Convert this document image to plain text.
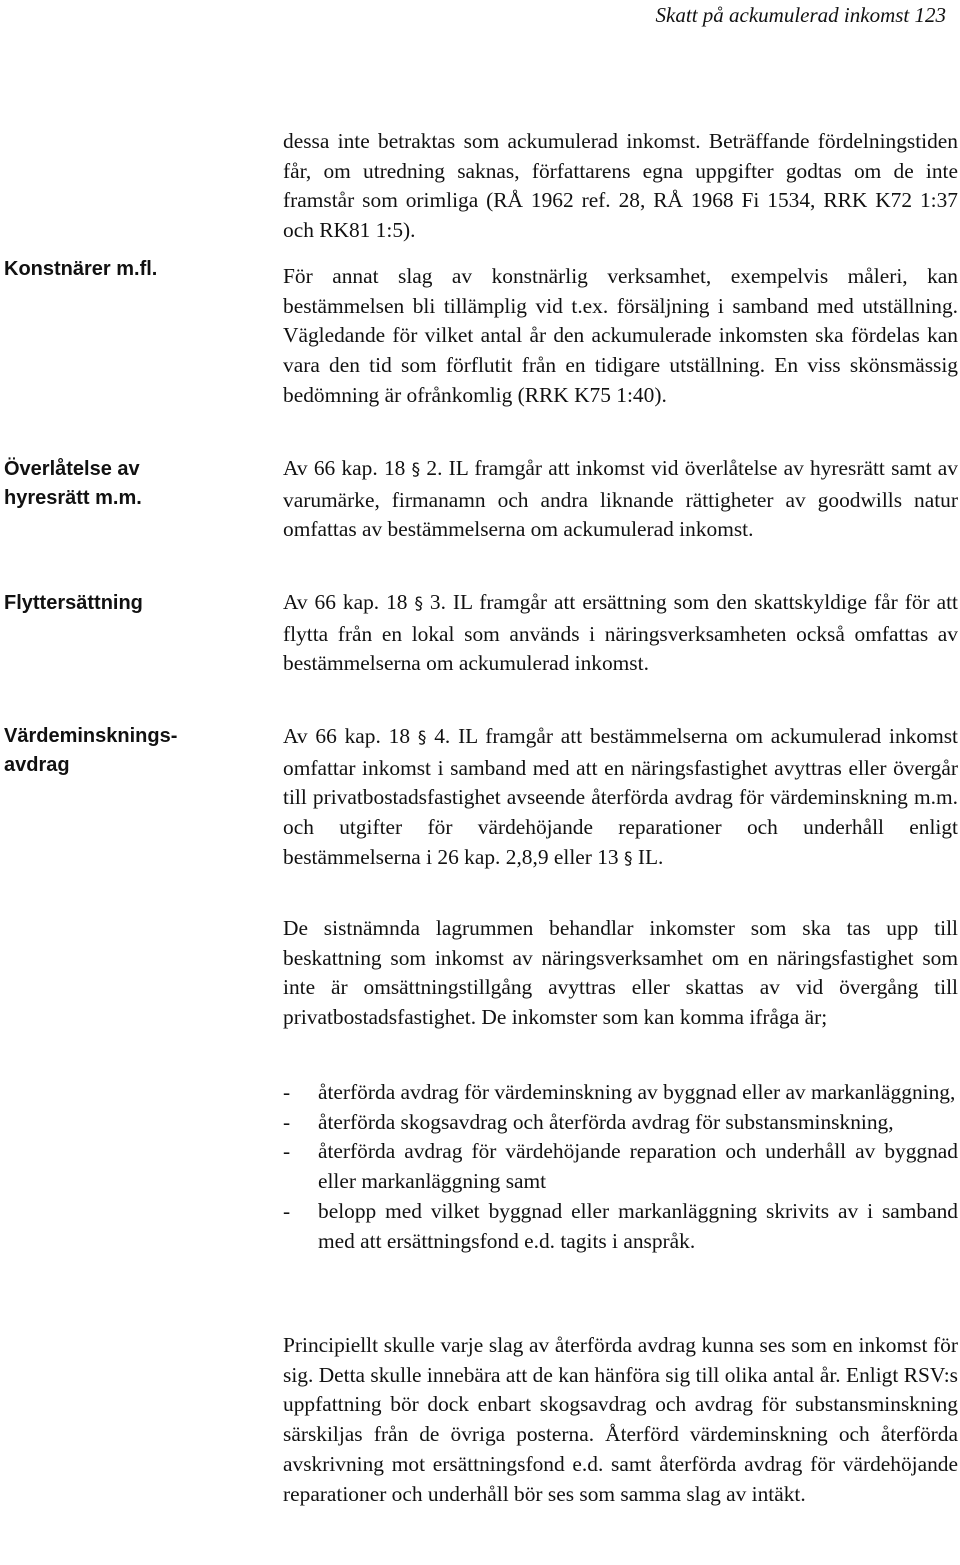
Skatt på ackumulerad inkomst 123
Konstnärer m.fl.
Överlåtelse av
hyresrätt m.m.
Flyttersättning
Värdeminsknings-
avdrag

dessa inte betraktas som ackumulerad inkomst. Beträffande fördelningstiden får, om utredning saknas, författarens egna uppgifter godtas om de inte framstår som orimliga (RÅ 1962 ref. 28, RÅ 1968 Fi 1534, RRK K72 1:37 och RK81 1:5).

För annat slag av konstnärlig verksamhet, exempelvis måleri, kan bestämmelsen bli tillämplig vid t.ex. försäljning i samband med utställning. Vägledande för vilket antal år den ackumulerade inkomsten ska fördelas kan vara den tid som förflutit från en tidigare utställning. En viss skönsmässig bedömning är ofrånkomlig (RRK K75 1:40).

Av 66 kap. 18 § 2. IL framgår att inkomst vid överlåtelse av hyresrätt samt av varumärke, firmanamn och andra liknande rättigheter av goodwills natur omfattas av bestämmelserna om ackumulerad inkomst.

Av 66 kap. 18 § 3. IL framgår att ersättning som den skattskyldige får för att flytta från en lokal som används i näringsverksamheten också omfattas av bestämmelserna om ackumulerad inkomst.

Av 66 kap. 18 § 4. IL framgår att bestämmelserna om ackumulerad inkomst omfattar inkomst i samband med att en näringsfastighet avyttras eller övergår till privatbostadsfastighet avseende återförda avdrag för värdeminskning m.m. och utgifter för värdehöjande reparationer och underhåll enligt bestämmelserna i 26 kap. 2,8,9 eller 13 § IL.

De sistnämnda lagrummen behandlar inkomster som ska tas upp till beskattning som inkomst av näringsverksamhet om en näringsfastighet som inte är omsättningstillgång avyttras eller skattas av vid övergång till privatbostadsfastighet. De inkomster som kan komma ifråga är;

- återförda avdrag för värdeminskning av byggnad eller av markanläggning,
- återförda skogsavdrag och återförda avdrag för substansminskning,
- återförda avdrag för värdehöjande reparation och underhåll av byggnad eller markanläggning samt
- belopp med vilket byggnad eller markanläggning skrivits av i samband med att ersättningsfond e.d. tagits i anspråk.

Principiellt skulle varje slag av återförda avdrag kunna ses som en inkomst för sig. Detta skulle innebära att de kan hänföra sig till olika antal år. Enligt RSV:s uppfattning bör dock enbart skogsavdrag och avdrag för substansminskning särskiljas från de övriga posterna. Återförd värdeminskning och återförda avskrivning mot ersättningsfond e.d. samt återförda avdrag för värdehöjande reparationer och underhåll bör ses som samma slag av intäkt.
